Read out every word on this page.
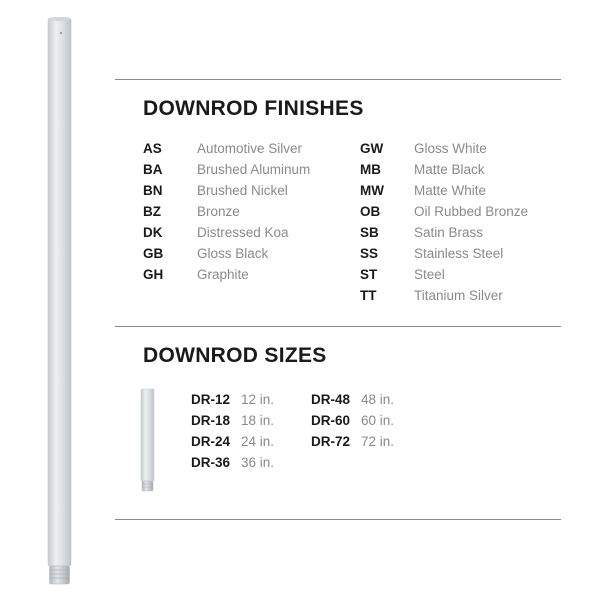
DOWNROD FINISHES
AS	Automotive Silver
BA	Brushed Aluminum
BN	Brushed Nickel
BZ	Bronze
DK	Distressed Koa
GB	Gloss Black
GH	Graphite
GW Gloss White
MB Matte Black
MW Matte White
OB	Oil Rubbed Bronze
SB	Satin Brass
SS	Stainless Steel
ST	Steel
TT	Titanium Silver
DOWNROD SIZES
DR-12 12 in.
DR-18 18 in.
DR-24 24 in.
DR-36 36 in.
DR-48 48 in.
DR-60 60 in.
DR-72 72 in.
